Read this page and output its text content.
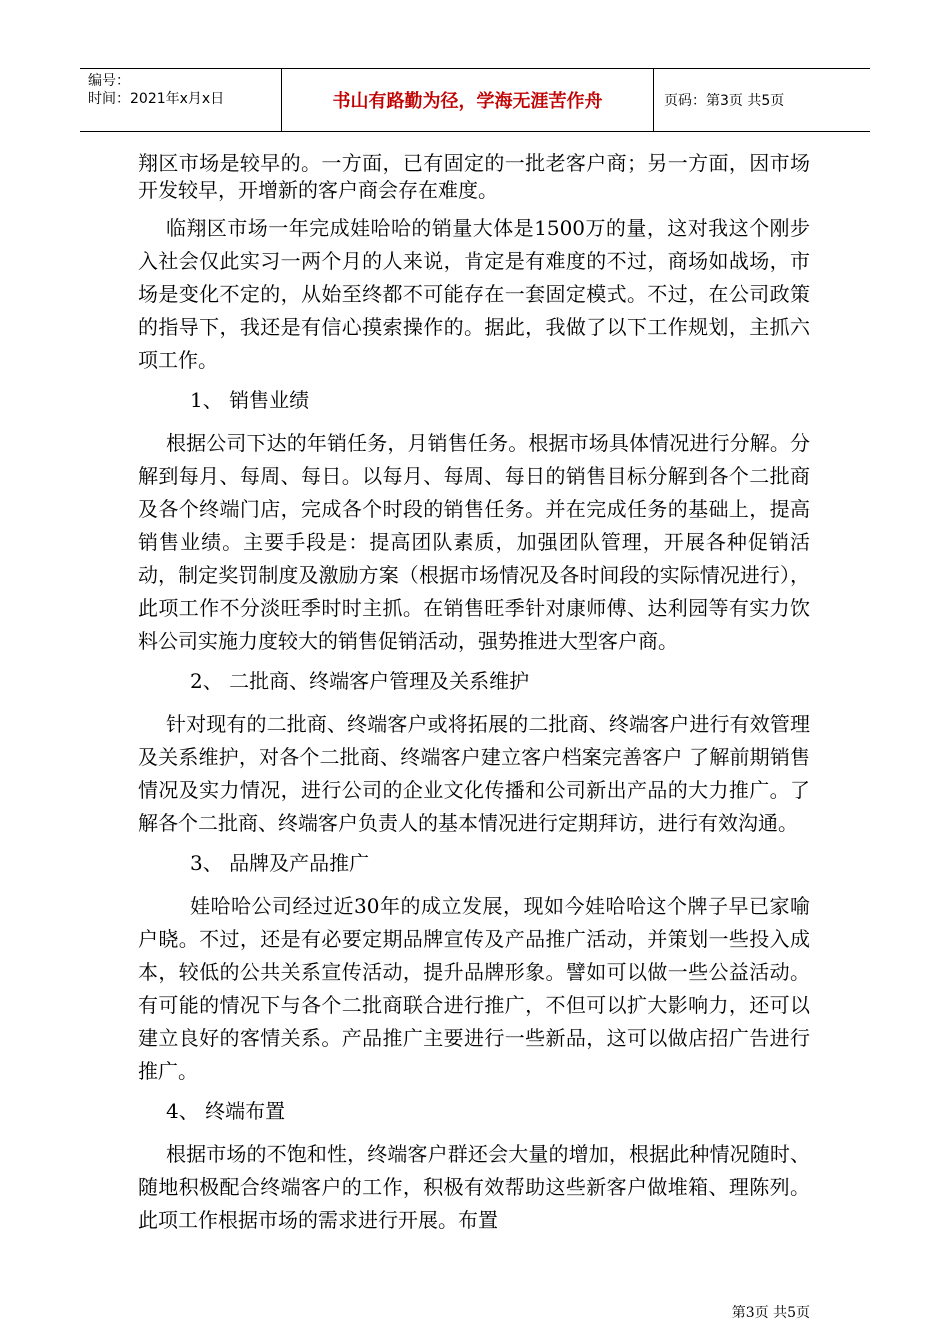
编号：
时间：2021年x月x日	书山有路勤为径，学海无涯苦作舟	页码：第3页 共5页

翔区市场是较早的。一方面，已有固定的一批老客户商；另一方面，因市场开发较早，开增新的客户商会存在难度。

临翔区市场一年完成娃哈哈的销量大体是1500万的量，这对我这个刚步入社会仅此实习一两个月的人来说，肯定是有难度的不过，商场如战场，市场是变化不定的，从始至终都不可能存在一套固定模式。不过，在公司政策的指导下，我还是有信心摸索操作的。据此，我做了以下工作规划，主抓六项工作。

1、 销售业绩

根据公司下达的年销任务，月销售任务。根据市场具体情况进行分解。分解到每月、每周、每日。以每月、每周、每日的销售目标分解到各个二批商及各个终端门店，完成各个时段的销售任务。并在完成任务的基础上，提高销售业绩。主要手段是：提高团队素质，加强团队管理，开展各种促销活动，制定奖罚制度及激励方案（根据市场情况及各时间段的实际情况进行），此项工作不分淡旺季时时主抓。在销售旺季针对康师傅、达利园等有实力饮料公司实施力度较大的销售促销活动，强势推进大型客户商。

2、 二批商、终端客户管理及关系维护

针对现有的二批商、终端客户或将拓展的二批商、终端客户进行有效管理及关系维护，对各个二批商、终端客户建立客户档案完善客户 了解前期销售情况及实力情况，进行公司的企业文化传播和公司新出产品的大力推广。了解各个二批商、终端客户负责人的基本情况进行定期拜访，进行有效沟通。

3、 品牌及产品推广

娃哈哈公司经过近30年的成立发展，现如今娃哈哈这个牌子早已家喻户晓。不过，还是有必要定期品牌宣传及产品推广活动，并策划一些投入成本，较低的公共关系宣传活动，提升品牌形象。譬如可以做一些公益活动。有可能的情况下与各个二批商联合进行推广，不但可以扩大影响力，还可以建立良好的客情关系。产品推广主要进行一些新品，这可以做店招广告进行推广。

4、 终端布置

根据市场的不饱和性，终端客户群还会大量的增加，根据此种情况随时、随地积极配合终端客户的工作，积极有效帮助这些新客户做堆箱、理陈列。此项工作根据市场的需求进行开展。布置

第3页 共5页
